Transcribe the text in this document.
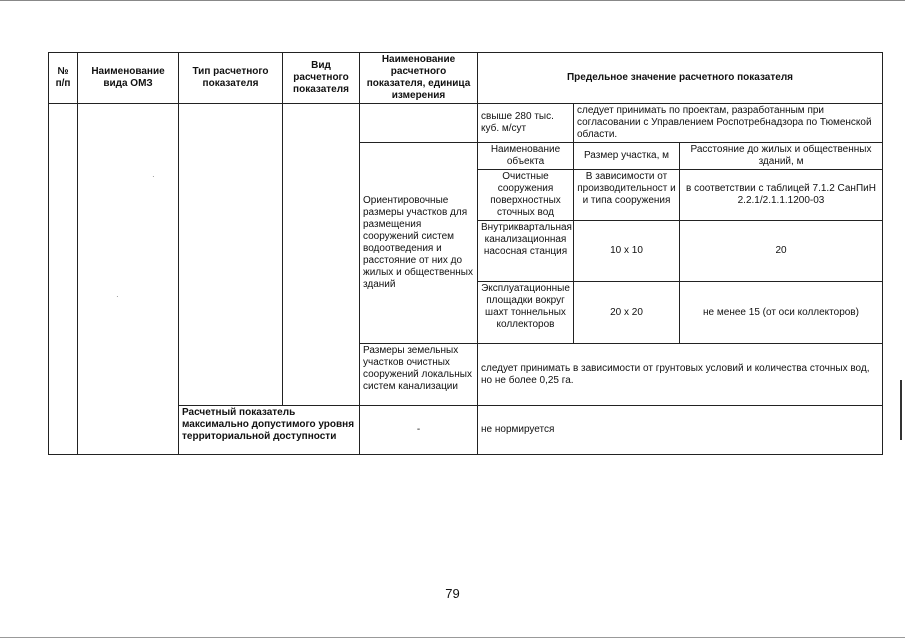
·
·
№ п/п	Наименование вида ОМЗ	Тип расчетного показателя	Вид расчетного показателя	Наименование расчетного показателя, единица измерения	Предельное значение расчетного показателя		
					свыше 280 тыс. куб. м/сут	следует принимать по проектам, разработанным при согласовании с Управлением Роспотребнадзора по Тюменской области.	
				Ориентировочные размеры участков для размещения сооружений систем водоотведения и расстояние от них до жилых и общественных зданий	Наименование объекта	Размер участка, м	Расстояние до жилых и общественных зданий, м
					Очистные сооружения поверхностных сточных вод	В зависимости от производительност и и типа сооружения	в соответствии с таблицей 7.1.2 СанПиН 2.2.1/2.1.1.1200-03
					Внутриквартальная канализационная насосная станция	10 х 10	20
					Эксплуатационные площадки вокруг шахт тоннельных коллекторов	20 х 20	не менее 15 (от оси коллекторов)
				Размеры земельных участков очистных сооружений локальных систем канализации	следует принимать в зависимости от грунтовых условий и количества сточных вод, но не более 0,25 га.		
		Расчетный показатель максимально допустимого уровня территориальной доступности		-	не нормируется		
79
